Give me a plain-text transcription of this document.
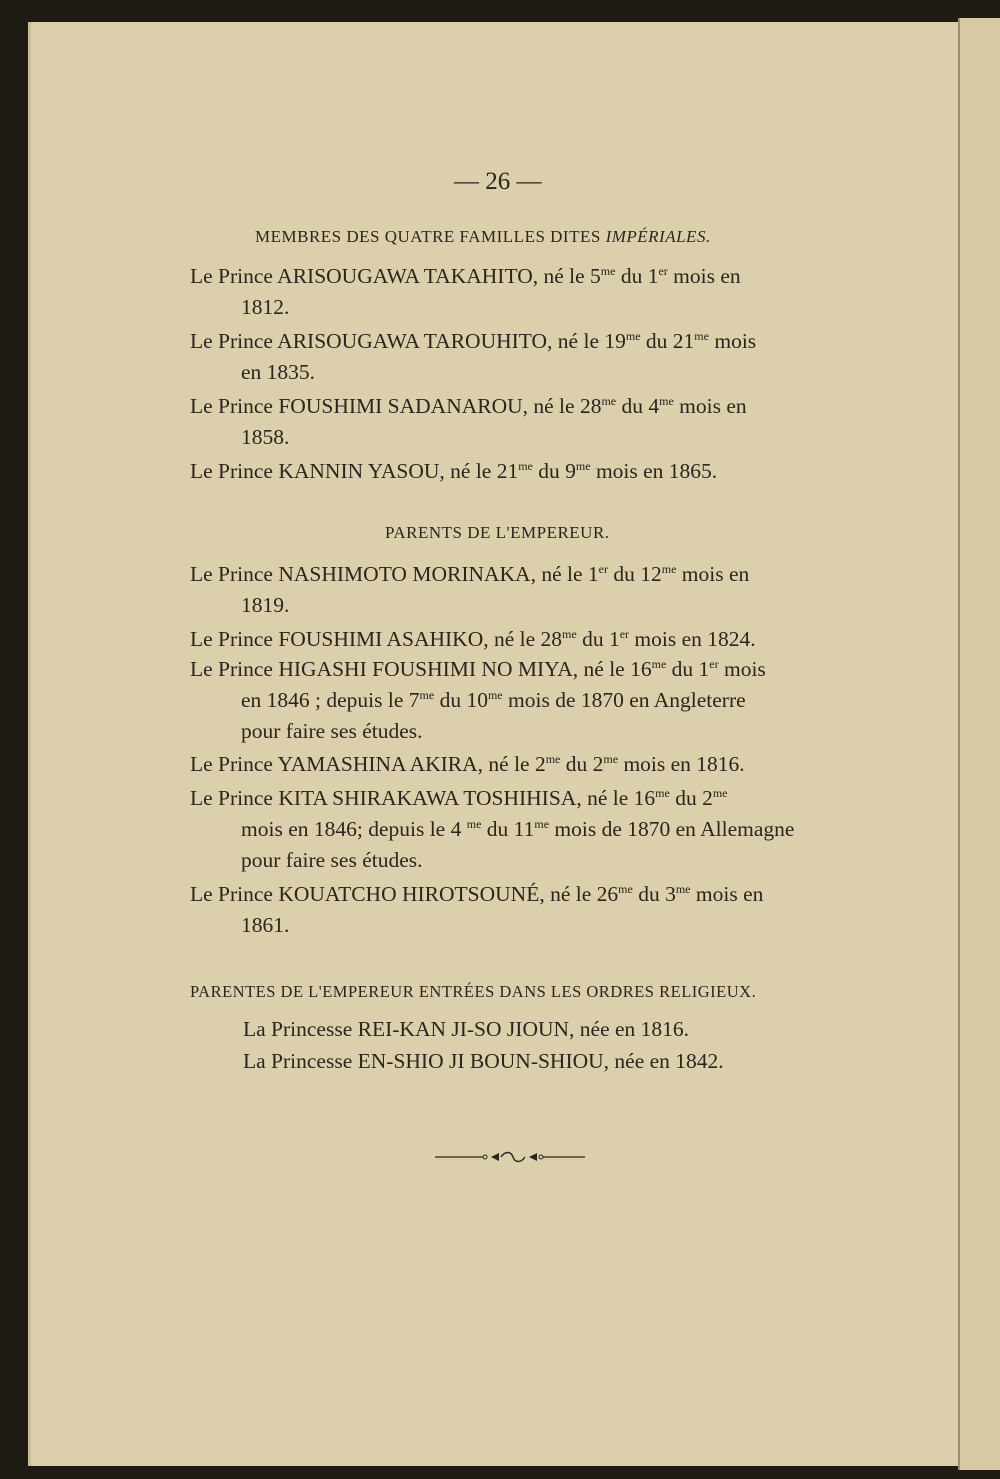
— 26 —
MEMBRES DES QUATRE FAMILLES DITES IMPÉRIALES.
Le Prince ARISOUGAWA TAKAHITO, né le $5^{me}$ du 1er mois en
1812.
Le Prince ARISOUGAWA TAROUHITO, né le $19^{me}$ du $21^{me}$ mois
en 1835.
Le Prince FOUSHIMI SADANAROU, né le $28^{me}$ du $4^{me}$ mois en
1858.
Le Prince KANNIN YASOU, né le $21^{me}$ du $9^{me}$ mois en 1865.
PARENTS DE L'EMPEREUR.
Le Prince NASHIMOTO MORINAKA, né le 1er du $12^{me}$ mois en
1819.
Le Prince FOUSHIMI ASAHIKO, né le $28^{me}$ du 1er mois en 1824.
Le Prince HIGASHI FOUSHIMI NO MIYA, né le $16^{me}$ du 1er mois
en 1846 ; depuis le $7^{me}$ du $10^{me}$ mois de 1870 en Angleterre
pour faire ses études.
Le Prince YAMASHINA AKIRA, né le $2^{me}$ du $2^{me}$ mois en 1816.
Le Prince KITA SHIRAKAWA TOSHIHISA, né le $16^{me}$ du $2^{me}$
mois en 1846; depuis le 4 $^{me}$ du $11^{me}$ mois de 1870 en Allemagne
pour faire ses études.
Le Prince KOUATCHO HIROTSOUNÉ, né le $26^{me}$ du $3^{me}$ mois en
1861.
PARENTES DE L'EMPEREUR ENTRÉES DANS LES ORDRES RELIGIEUX.
La Princesse REI-KAN JI-SO JIOUN, née en 1816.
La Princesse EN-SHIO JI BOUN-SHIOU, née en 1842.
